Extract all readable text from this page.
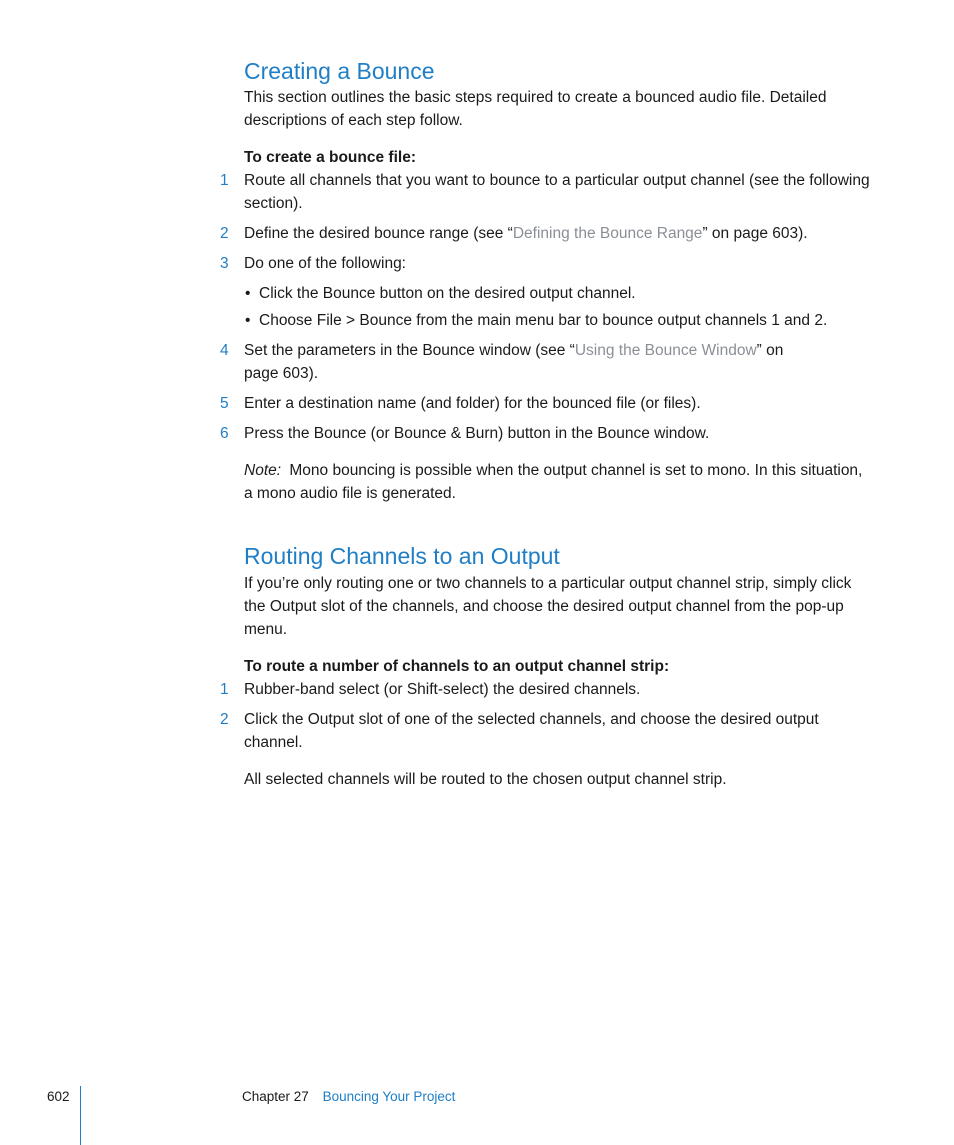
Creating a Bounce

This section outlines the basic steps required to create a bounced audio file. Detailed descriptions of each step follow.

To create a bounce file:

1 Route all channels that you want to bounce to a particular output channel (see the following section).
2 Define the desired bounce range (see “Defining the Bounce Range” on page 603).
3 Do one of the following:
• Click the Bounce button on the desired output channel.
• Choose File > Bounce from the main menu bar to bounce output channels 1 and 2.
4 Set the parameters in the Bounce window (see “Using the Bounce Window” on page 603).
5 Enter a destination name (and folder) for the bounced file (or files).
6 Press the Bounce (or Bounce & Burn) button in the Bounce window.

Note: Mono bouncing is possible when the output channel is set to mono. In this situation, a mono audio file is generated.

Routing Channels to an Output

If you’re only routing one or two channels to a particular output channel strip, simply click the Output slot of the channels, and choose the desired output channel from the pop-up menu.

To route a number of channels to an output channel strip:

1 Rubber-band select (or Shift-select) the desired channels.
2 Click the Output slot of one of the selected channels, and choose the desired output channel.

All selected channels will be routed to the chosen output channel strip.

602	Chapter 27 Bouncing Your Project
